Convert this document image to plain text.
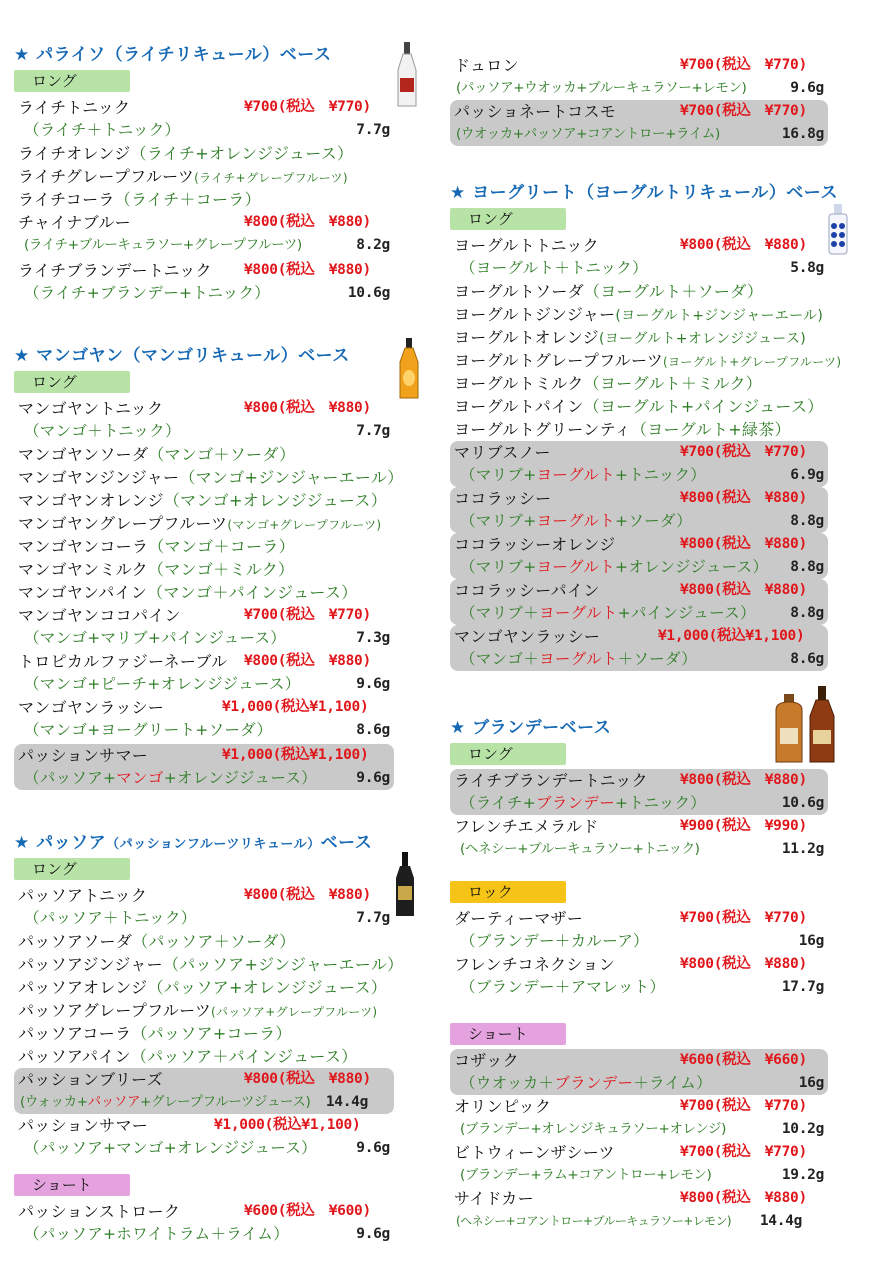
★ パライソ（ライチリキュール）ベース
ロング
ライチトニック	¥700(税込　¥770)
（ライチ＋トニック）	7.7g
ライチオレンジ（ライチ+オレンジジュース）
ライチグレープフルーツ(ライチ+グレープフルーツ)
ライチコーラ（ライチ＋コーラ）
チャイナブルー	¥800(税込　¥880)
(ライチ+ブルーキュラソー+グレープフルーツ)	8.2g
ライチブランデートニック ¥800(税込　¥880)
（ライチ+ブランデー+トニック）	10.6g
★ マンゴヤン（マンゴリキュール）ベース
ロング
マンゴヤントニック	¥800(税込　¥880)
（マンゴ＋トニック）	7.7g
マンゴヤンソーダ（マンゴ＋ソーダ）
マンゴヤンジンジャー（マンゴ+ジンジャーエール）
マンゴヤンオレンジ（マンゴ+オレンジジュース）
マンゴヤングレープフルーツ(マンゴ+グレープフルーツ)
マンゴヤンコーラ（マンゴ＋コーラ）
マンゴヤンミルク（マンゴ＋ミルク）
マンゴヤンパイン（マンゴ＋パインジュース）
マンゴヤンココパイン	¥700(税込　¥770)
（マンゴ+マリブ+パインジュース）	7.3g
トロピカルファジーネーブル ¥800(税込　¥880)
（マンゴ+ピーチ+オレンジジュース）	9.6g
マンゴヤンラッシー	¥1,000(税込¥1,100)
（マンゴ+ヨーグリート+ソーダ）	8.6g
パッションサマー	¥1,000(税込¥1,100)
（パッソア+マンゴ+オレンジジュース）	9.6g
★ パッソア（パッションフルーツリキュール）ベース
ロング
パッソアトニック	¥800(税込　¥880)
（パッソア＋トニック）	7.7g
パッソアソーダ（パッソア＋ソーダ）
パッソアジンジャー（パッソア+ジンジャーエール）
パッソアオレンジ（パッソア+オレンジジュース）
パッソアグレープフルーツ(パッソア+グレープフルーツ)
パッソアコーラ（パッソア+コーラ）
パッソアパイン（パッソア＋パインジュース）
パッションブリーズ	¥800(税込　¥880)
(ウォッカ+パッソア+グレープフルーツジュース) 14.4g
パッションサマー	¥1,000(税込¥1,100)
（パッソア+マンゴ+オレンジジュース）	9.6g
ショート
パッションストローク	¥600(税込　¥600)
（パッソア+ホワイトラム＋ライム）	9.6g
ドュロン	¥700(税込　¥770)
(パッソア+ウオッカ+ブルーキュラソー+レモン)	9.6g
パッショネートコスモ	¥700(税込　¥770)
(ウオッカ+パッソア+コアントロー+ライム)	16.8g
★ ヨーグリート（ヨーグルトリキュール）ベース
ロング
ヨーグルトトニック	¥800(税込　¥880)
（ヨーグルト＋トニック）	5.8g
ヨーグルトソーダ（ヨーグルト＋ソーダ）
ヨーグルトジンジャー(ヨーグルト+ジンジャーエール)
ヨーグルトオレンジ(ヨーグルト+オレンジジュース)
ヨーグルトグレープフルーツ(ヨーグルト+グレープフルーツ)
ヨーグルトミルク（ヨーグルト＋ミルク）
ヨーグルトパイン（ヨーグルト+パインジュース）
ヨーグルトグリーンティ（ヨーグルト+緑茶）
マリブスノー	¥700(税込　¥770)
（マリブ+ヨーグルト+トニック）	6.9g
ココラッシー	¥800(税込　¥880)
（マリブ+ヨーグルト+ソーダ）	8.8g
ココラッシーオレンジ	¥800(税込　¥880)
（マリブ+ヨーグルト+オレンジジュース） 8.8g
ココラッシーパイン	¥800(税込　¥880)
（マリブ＋ヨーグルト+パインジュース） 8.8g
マンゴヤンラッシー	¥1,000(税込¥1,100)
（マンゴ＋ヨーグルト＋ソーダ）	8.6g
★ ブランデーベース
ロング
ライチブランデートニック ¥800(税込　¥880)
（ライチ+ブランデー+トニック）	10.6g
フレンチエメラルド	¥900(税込　¥990)
(ヘネシー+ブルーキュラソー+トニック)	11.2g
ロック
ダーティーマザー	¥700(税込　¥770)
（ブランデー＋カルーア）	16g
フレンチコネクション	¥800(税込　¥880)
（ブランデー＋アマレット）	17.7g
ショート
コザック	¥600(税込　¥660)
（ウオッカ＋ブランデー＋ライム）	16g
オリンピック	¥700(税込　¥770)
(ブランデー+オレンジキュラソー+オレンジ)	10.2g
ビトウィーンザシーツ	¥700(税込　¥770)
(ブランデー+ラム+コアントロー+レモン)	19.2g
サイドカー	¥800(税込　¥880)
(ヘネシー+コアントロー+ブルーキュラソー+レモン) 14.4g
